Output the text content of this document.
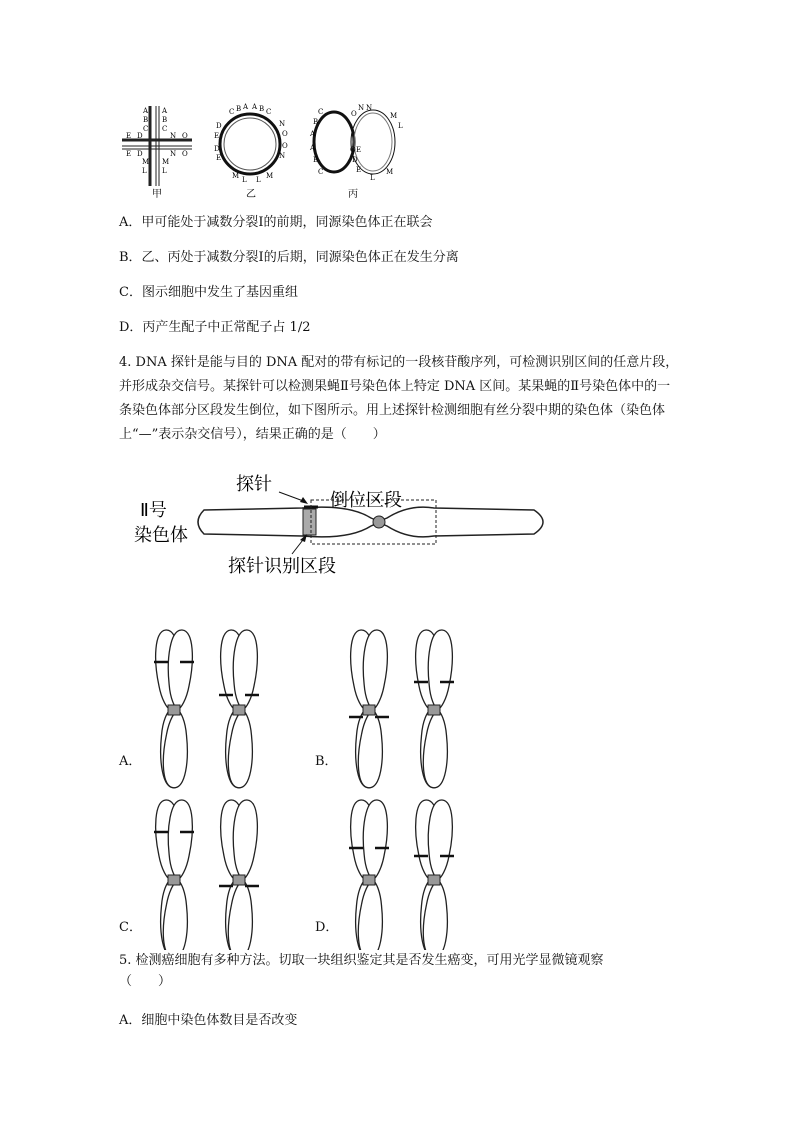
A
B
C
A
B
C
E D	N O
E D
M
L
N O
M
L
甲
C B A A B C
D
E
D
E
N
O
O
N
M L L M
乙
C
B
A
A
B
C
N
O
O E
D
E
N
M
L
L
M
丙
A．甲可能处于减数分裂Ⅰ的前期，同源染色体正在联会
B．乙、丙处于减数分裂Ⅰ的后期，同源染色体正在发生分离
C．图示细胞中发生了基因重组
D．丙产生配子中正常配子占 1/2
4. DNA 探针是能与目的 DNA 配对的带有标记的一段核苷酸序列，可检测识别区间的任意片段，并形成杂交信号。某探针可以检测果蝇Ⅱ号染色体上特定 DNA 区间。某果蝇的Ⅱ号染色体中的一条染色体部分区段发生倒位，如下图所示。用上述探针检测细胞有丝分裂中期的染色体（染色体上“—”表示杂交信号），结果正确的是（　　）
Ⅱ号
染色体
探针
倒位区段
探针识别区段
A．	B．
C．	D．
5. 检测癌细胞有多种方法。切取一块组织鉴定其是否发生癌变，可用光学显微镜观察
（　　）
A．细胞中染色体数目是否改变
